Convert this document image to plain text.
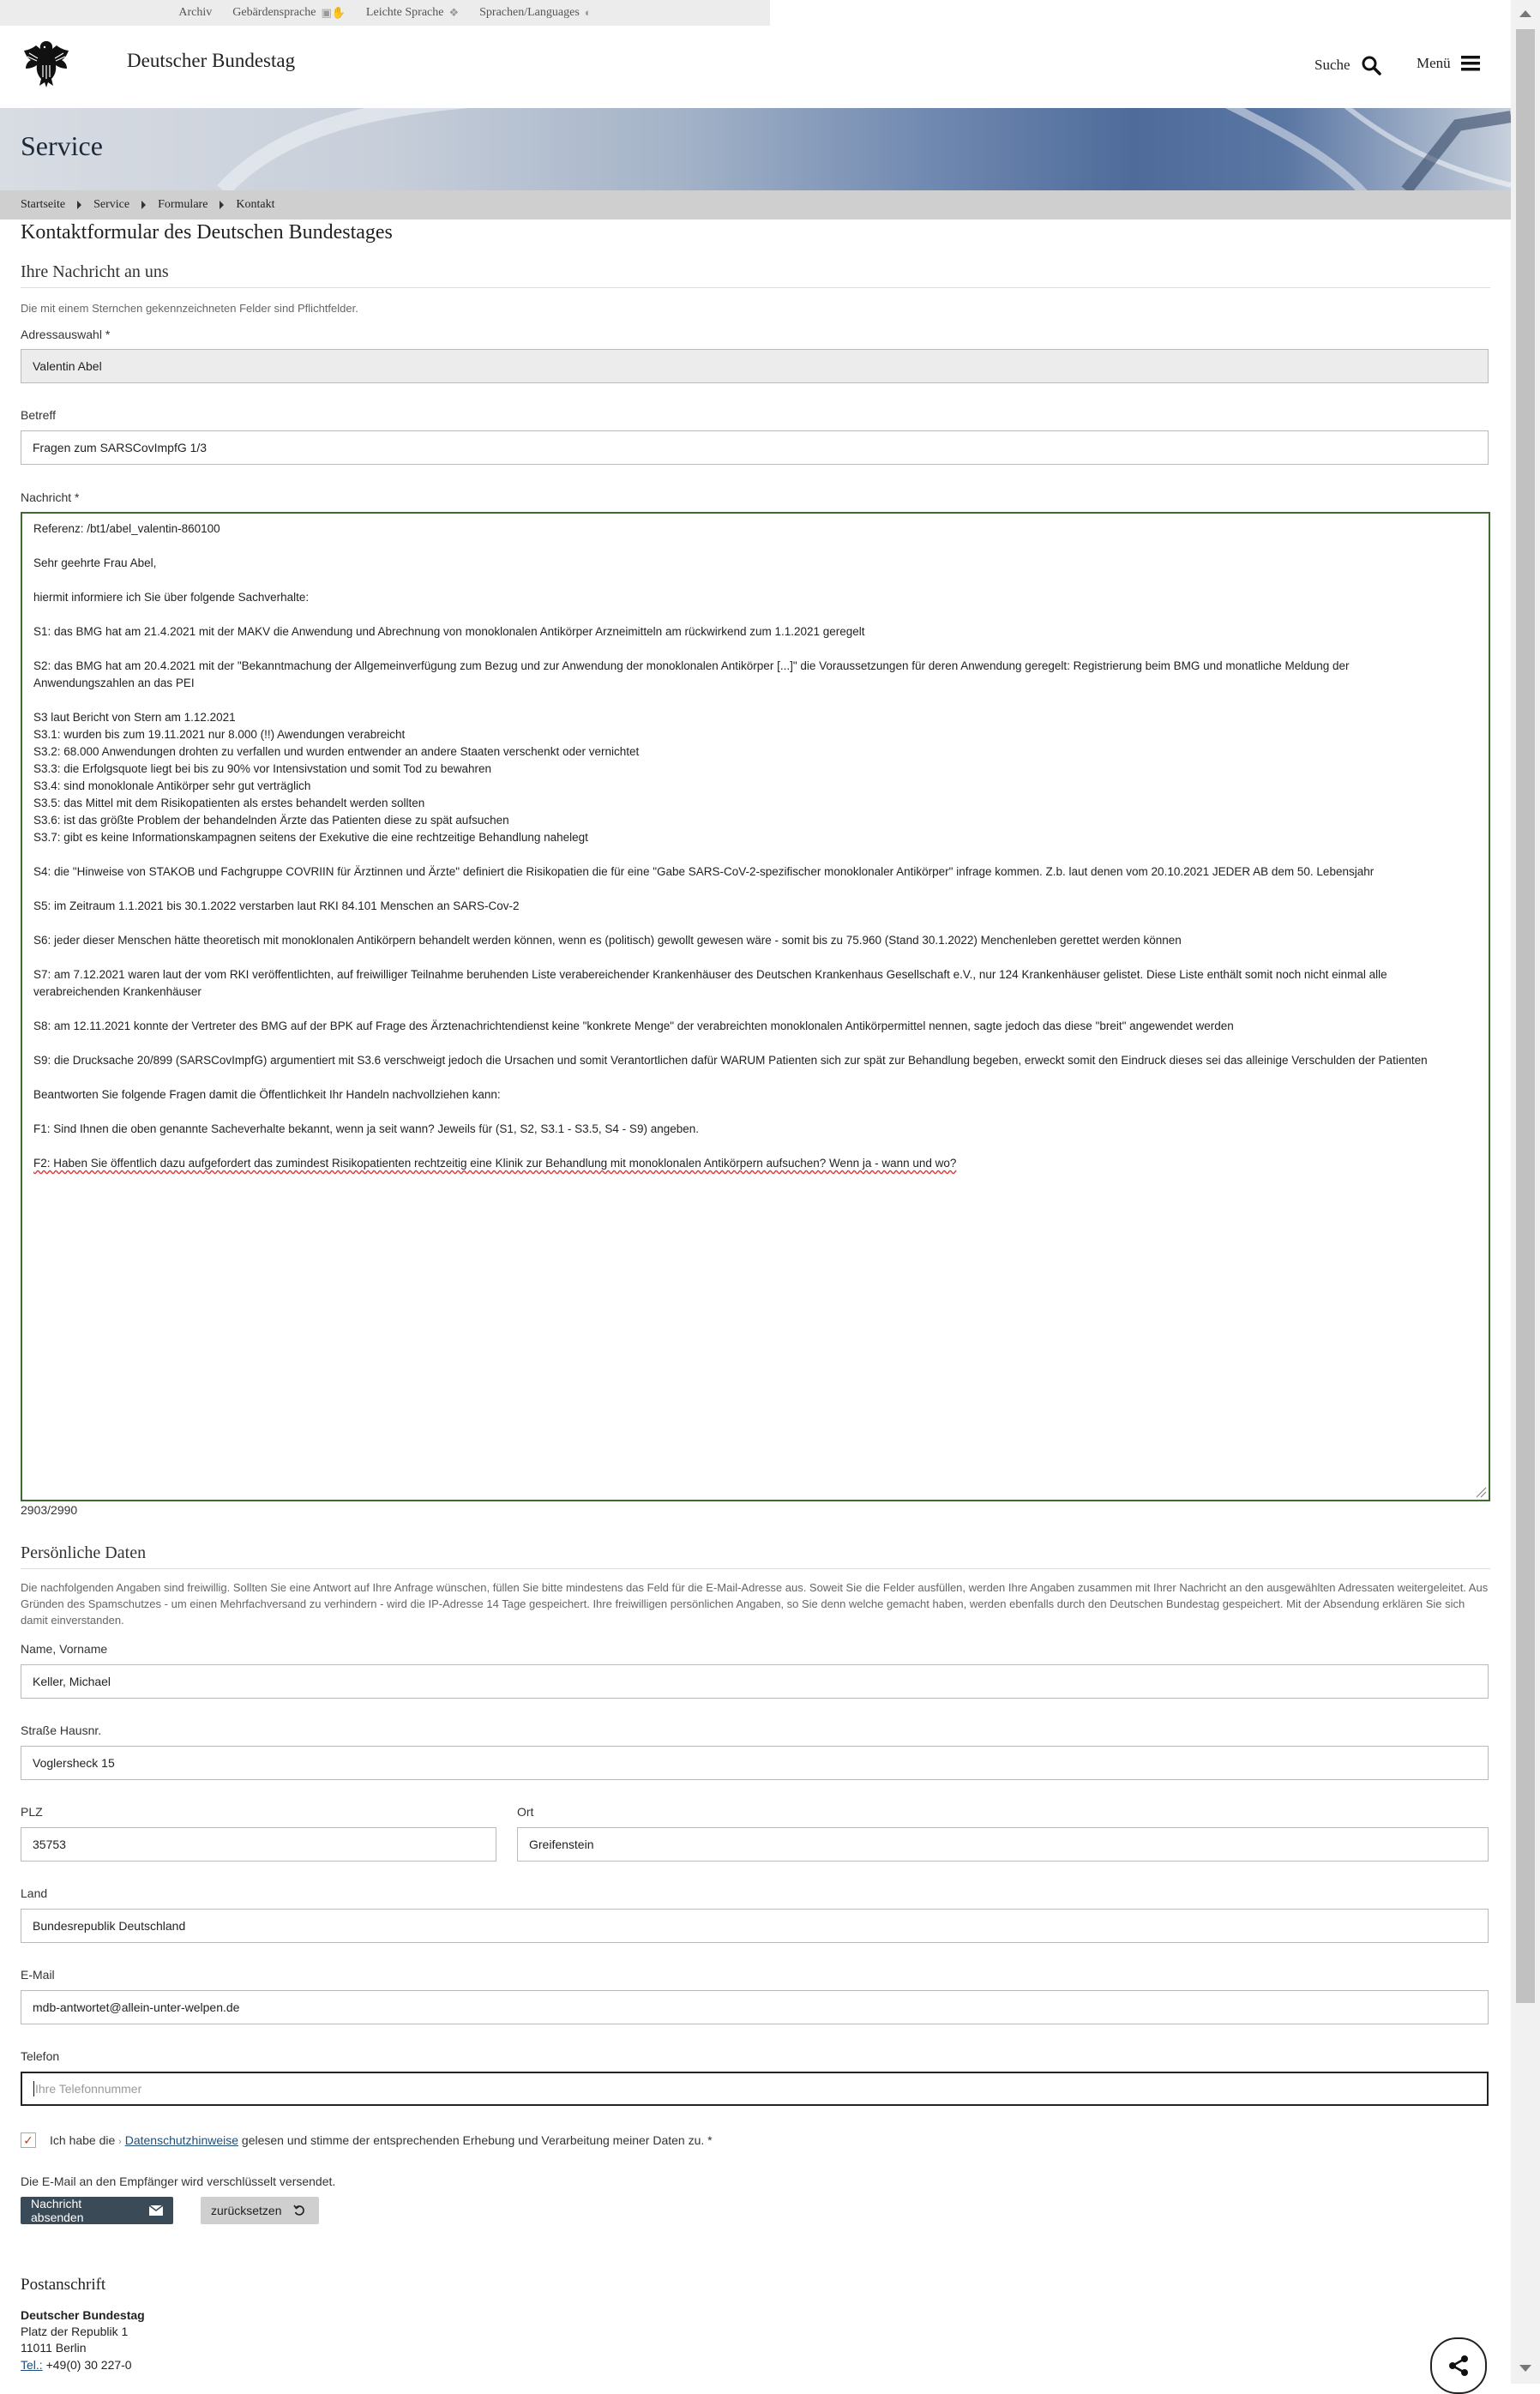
Archiv Gebärdensprache ▣✋ Leichte Sprache ❖ Sprachen/Languages ◐
Deutscher Bundestag	Suche	Menü
Service
Startseite Service Formulare Kontakt
Kontaktformular des Deutschen Bundestages
Ihre Nachricht an uns
Die mit einem Sternchen gekennzeichneten Felder sind Pflichtfelder.
Adressauswahl *
Valentin Abel
Betreff
Fragen zum SARSCovImpfG 1/3
Nachricht *
Referenz: /bt1/abel_valentin-860100
Sehr geehrte Frau Abel,
hiermit informiere ich Sie über folgende Sachverhalte:
S1: das BMG hat am 21.4.2021 mit der MAKV die Anwendung und Abrechnung von monoklonalen Antikörper Arzneimitteln am rückwirkend zum 1.1.2021 geregelt
S2: das BMG hat am 20.4.2021 mit der "Bekanntmachung der Allgemeinverfügung zum Bezug und zur Anwendung der monoklonalen Antikörper [...]" die Voraussetzungen für deren Anwendung geregelt: Registrierung beim BMG und monatliche Meldung der
Anwendungszahlen an das PEI
S3 laut Bericht von Stern am 1.12.2021
S3.1: wurden bis zum 19.11.2021 nur 8.000 (!!) Awendungen verabreicht
S3.2: 68.000 Anwendungen drohten zu verfallen und wurden entwender an andere Staaten verschenkt oder vernichtet
S3.3: die Erfolgsquote liegt bei bis zu 90% vor Intensivstation und somit Tod zu bewahren
S3.4: sind monoklonale Antikörper sehr gut verträglich
S3.5: das Mittel mit dem Risikopatienten als erstes behandelt werden sollten
S3.6: ist das größte Problem der behandelnden Ärzte das Patienten diese zu spät aufsuchen
S3.7: gibt es keine Informationskampagnen seitens der Exekutive die eine rechtzeitige Behandlung nahelegt
S4: die "Hinweise von STAKOB und Fachgruppe COVRIIN für Ärztinnen und Ärzte" definiert die Risikopatien die für eine "Gabe SARS-CoV-2-spezifischer monoklonaler Antikörper" infrage kommen. Z.b. laut denen vom 20.10.2021 JEDER AB dem 50. Lebensjahr
S5: im Zeitraum 1.1.2021 bis 30.1.2022 verstarben laut RKI 84.101 Menschen an SARS-Cov-2
S6: jeder dieser Menschen hätte theoretisch mit monoklonalen Antikörpern behandelt werden können, wenn es (politisch) gewollt gewesen wäre - somit bis zu 75.960 (Stand 30.1.2022) Menchenleben gerettet werden können
S7: am 7.12.2021 waren laut der vom RKI veröffentlichten, auf freiwilliger Teilnahme beruhenden Liste verabereichender Krankenhäuser des Deutschen Krankenhaus Gesellschaft e.V., nur 124 Krankenhäuser gelistet. Diese Liste enthält somit noch nicht einmal alle
verabreichenden Krankenhäuser
S8: am 12.11.2021 konnte der Vertreter des BMG auf der BPK auf Frage des Ärztenachrichtendienst keine "konkrete Menge" der verabreichten monoklonalen Antikörpermittel nennen, sagte jedoch das diese "breit" angewendet werden
S9: die Drucksache 20/899 (SARSCovImpfG) argumentiert mit S3.6 verschweigt jedoch die Ursachen und somit Verantortlichen dafür WARUM Patienten sich zur spät zur Behandlung begeben, erweckt somit den Eindruck dieses sei das alleinige Verschulden der Patienten
Beantworten Sie folgende Fragen damit die Öffentlichkeit Ihr Handeln nachvollziehen kann:
F1: Sind Ihnen die oben genannte Sacheverhalte bekannt, wenn ja seit wann? Jeweils für (S1, S2, S3.1 - S3.5, S4 - S9) angeben.
F2: Haben Sie öffentlich dazu aufgefordert das zumindest Risikopatienten rechtzeitig eine Klinik zur Behandlung mit monoklonalen Antikörpern aufsuchen? Wenn ja - wann und wo?
2903/2990
Persönliche Daten
Die nachfolgenden Angaben sind freiwillig. Sollten Sie eine Antwort auf Ihre Anfrage wünschen, füllen Sie bitte mindestens das Feld für die E-Mail-Adresse aus. Soweit Sie die Felder ausfüllen, werden Ihre Angaben zusammen mit Ihrer Nachricht an den ausgewählten Adressaten weitergeleitet. Aus Gründen des Spamschutzes - um einen Mehrfachversand zu verhindern - wird die IP-Adresse 14 Tage gespeichert. Ihre freiwilligen persönlichen Angaben, so Sie denn welche gemacht haben, werden ebenfalls durch den Deutschen Bundestag gespeichert. Mit der Absendung erklären Sie sich damit einverstanden.
Name, Vorname
Keller, Michael
Straße Hausnr.
Voglersheck 15
PLZ
35753
Ort
Greifenstein
Land
Bundesrepublik Deutschland
E-Mail
mdb-antwortet@allein-unter-welpen.de
Telefon
Ihre Telefonnummer
✓ Ich habe die › Datenschutzhinweise gelesen und stimme der entsprechenden Erhebung und Verarbeitung meiner Daten zu. *
Die E-Mail an den Empfänger wird verschlüsselt versendet.
Nachricht absenden	zurücksetzen
Postanschrift
Deutscher Bundestag
Platz der Republik 1
11011 Berlin
Tel.: +49(0) 30 227-0
